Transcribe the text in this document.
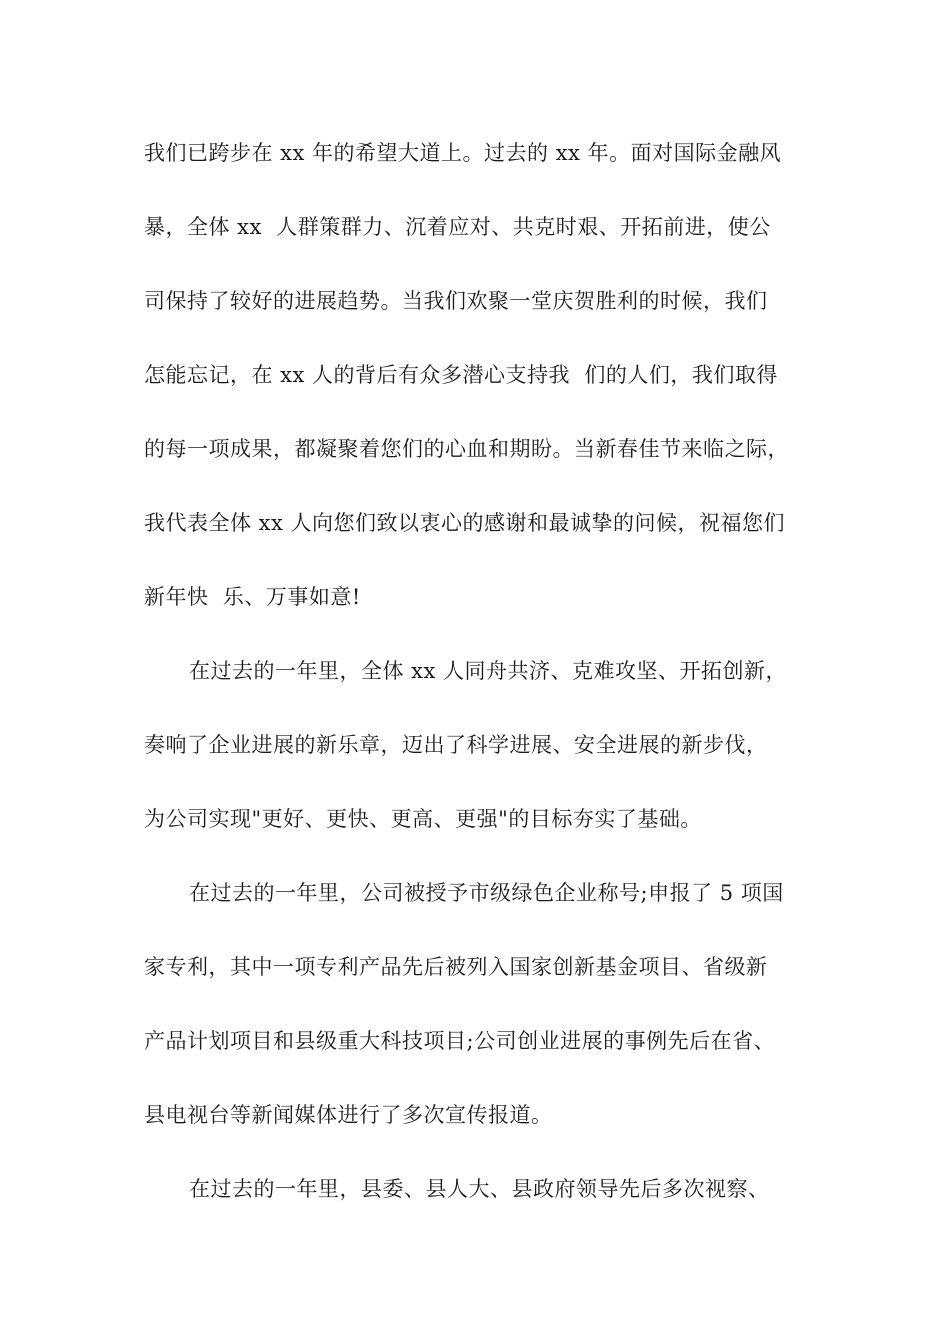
我们已跨步在 xx 年的希望大道上。过去的 xx 年。面对国际金融风
暴，全体 xx  人群策群力、沉着应对、共克时艰、开拓前进，使公
司保持了较好的进展趋势。当我们欢聚一堂庆贺胜利的时候，我们
怎能忘记，在 xx 人的背后有众多潜心支持我  们的人们，我们取得
的每一项成果，都凝聚着您们的心血和期盼。当新春佳节来临之际，
我代表全体 xx 人向您们致以衷心的感谢和最诚挚的问候，祝福您们
新年快  乐、万事如意!
在过去的一年里，全体 xx 人同舟共济、克难攻坚、开拓创新，
奏响了企业进展的新乐章，迈出了科学进展、安全进展的新步伐，
为公司实现"更好、更快、更高、更强"的目标夯实了基础。
在过去的一年里，公司被授予市级绿色企业称号;申报了 5 项国
家专利，其中一项专利产品先后被列入国家创新基金项目、省级新
产品计划项目和县级重大科技项目;公司创业进展的事例先后在省、
县电视台等新闻媒体进行了多次宣传报道。
在过去的一年里，县委、县人大、县政府领导先后多次视察、
